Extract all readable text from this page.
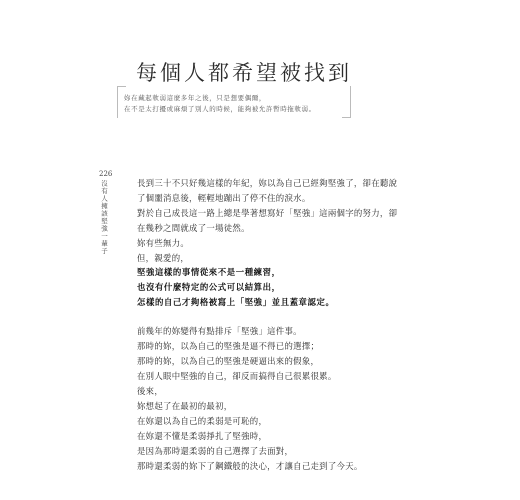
每個人都希望被找到
妳在藏起軟弱這麼多年之後，只是想要偶爾，
在不是太打擾或麻煩了別人的時候，能夠被允許暫時拖軟弱。
226
沒有人擁該堅強一輩子	長到三十不只好幾這樣的年紀，妳以為自己已經夠堅強了，卻在聽說
了個噩消息後，輕輕地蹦出了停不住的淚水。
對於自己成長這一路上總是學著想寫好「堅強」這兩個字的努力，卻
在幾秒之間就成了一場徒然。
妳有些無力。
但，親愛的，
堅強這樣的事情從來不是一種練習，
也沒有什麼特定的公式可以結算出，
怎樣的自己才夠格被寫上「堅強」並且蓋章認定。
前幾年的妳變得有點排斥「堅強」這件事。
那時的妳，以為自己的堅強是逼不得已的選擇；
那時的妳，以為自己的堅強是硬逼出來的假象，
在別人眼中堅強的自己，卻反而搞得自己很累很累。
後來，
妳想起了在最初的最初，
在妳還以為自己的柔弱是可恥的，
在妳還不懂是柔弱掙扎了堅強時，
是因為那時還柔弱的自己選擇了去面對，
那時還柔弱的妳下了鋼鐵般的決心，才讓自己走到了今天。
